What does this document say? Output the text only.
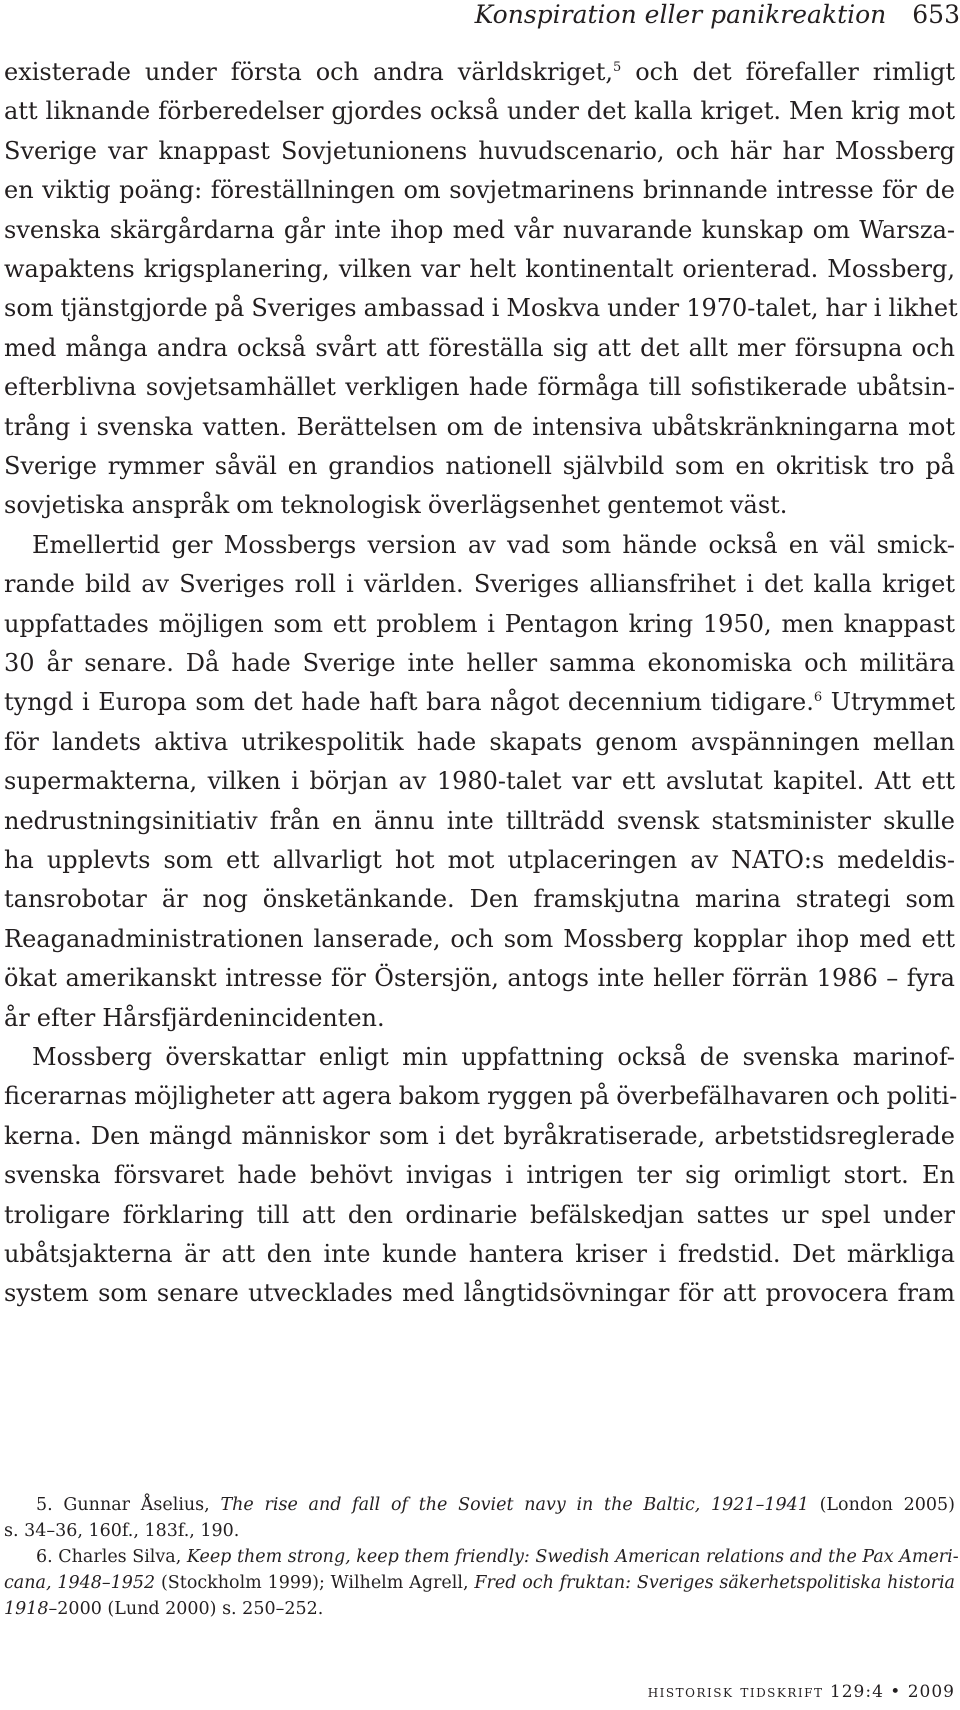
Konspiration eller panikreaktion 653
existerade under första och andra världskriget,$^5$ och det förefaller rimligt
att liknande förberedelser gjordes också under det kalla kriget. Men krig mot
Sverige var knappast Sovjetunionens huvudscenario, och här har Mossberg
en viktig poäng: föreställningen om sovjetmarinens brinnande intresse för de
svenska skärgårdarna går inte ihop med vår nuvarande kunskap om Warsza-
wapaktens krigsplanering, vilken var helt kontinentalt orienterad. Mossberg,
som tjänstgjorde på Sveriges ambassad i Moskva under 1970-talet, har i likhet
med många andra också svårt att föreställa sig att det allt mer försupna och
efterblivna sovjetsamhället verkligen hade förmåga till sofistikerade ubåtsin-
trång i svenska vatten. Berättelsen om de intensiva ubåtskränkningarna mot
Sverige rymmer såväl en grandios nationell självbild som en okritisk tro på
sovjetiska anspråk om teknologisk överlägsenhet gentemot väst.
Emellertid ger Mossbergs version av vad som hände också en väl smick-
rande bild av Sveriges roll i världen. Sveriges alliansfrihet i det kalla kriget
uppfattades möjligen som ett problem i Pentagon kring 1950, men knappast
30 år senare. Då hade Sverige inte heller samma ekonomiska och militära
tyngd i Europa som det hade haft bara något decennium tidigare.$^6$ Utrymmet
för landets aktiva utrikespolitik hade skapats genom avspänningen mellan
supermakterna, vilken i början av 1980-talet var ett avslutat kapitel. Att ett
nedrustningsinitiativ från en ännu inte tillträdd svensk statsminister skulle
ha upplevts som ett allvarligt hot mot utplaceringen av NATO:s medeldis-
tansrobotar är nog önsketänkande. Den framskjutna marina strategi som
Reaganadministrationen lanserade, och som Mossberg kopplar ihop med ett
ökat amerikanskt intresse för Östersjön, antogs inte heller förrän 1986 – fyra
år efter Hårsfjärdenincidenten.
Mossberg överskattar enligt min uppfattning också de svenska marinof-
ficerarnas möjligheter att agera bakom ryggen på överbefälhavaren och politi-
kerna. Den mängd människor som i det byråkratiserade, arbetstidsreglerade
svenska försvaret hade behövt invigas i intrigen ter sig orimligt stort. En
troligare förklaring till att den ordinarie befälskedjan sattes ur spel under
ubåtsjakterna är att den inte kunde hantera kriser i fredstid. Det märkliga
system som senare utvecklades med långtidsövningar för att provocera fram
5. Gunnar Åselius, The rise and fall of the Soviet navy in the Baltic, 1921–1941 (London 2005)
s. 34–36, 160f., 183f., 190.
6. Charles Silva, Keep them strong, keep them friendly: Swedish American relations and the Pax Ameri-
cana, 1948–1952 (Stockholm 1999); Wilhelm Agrell, Fred och fruktan: Sveriges säkerhetspolitiska historia
1918–2000 (Lund 2000) s. 250–252.
historisk tidskrift 129:4 • 2009
